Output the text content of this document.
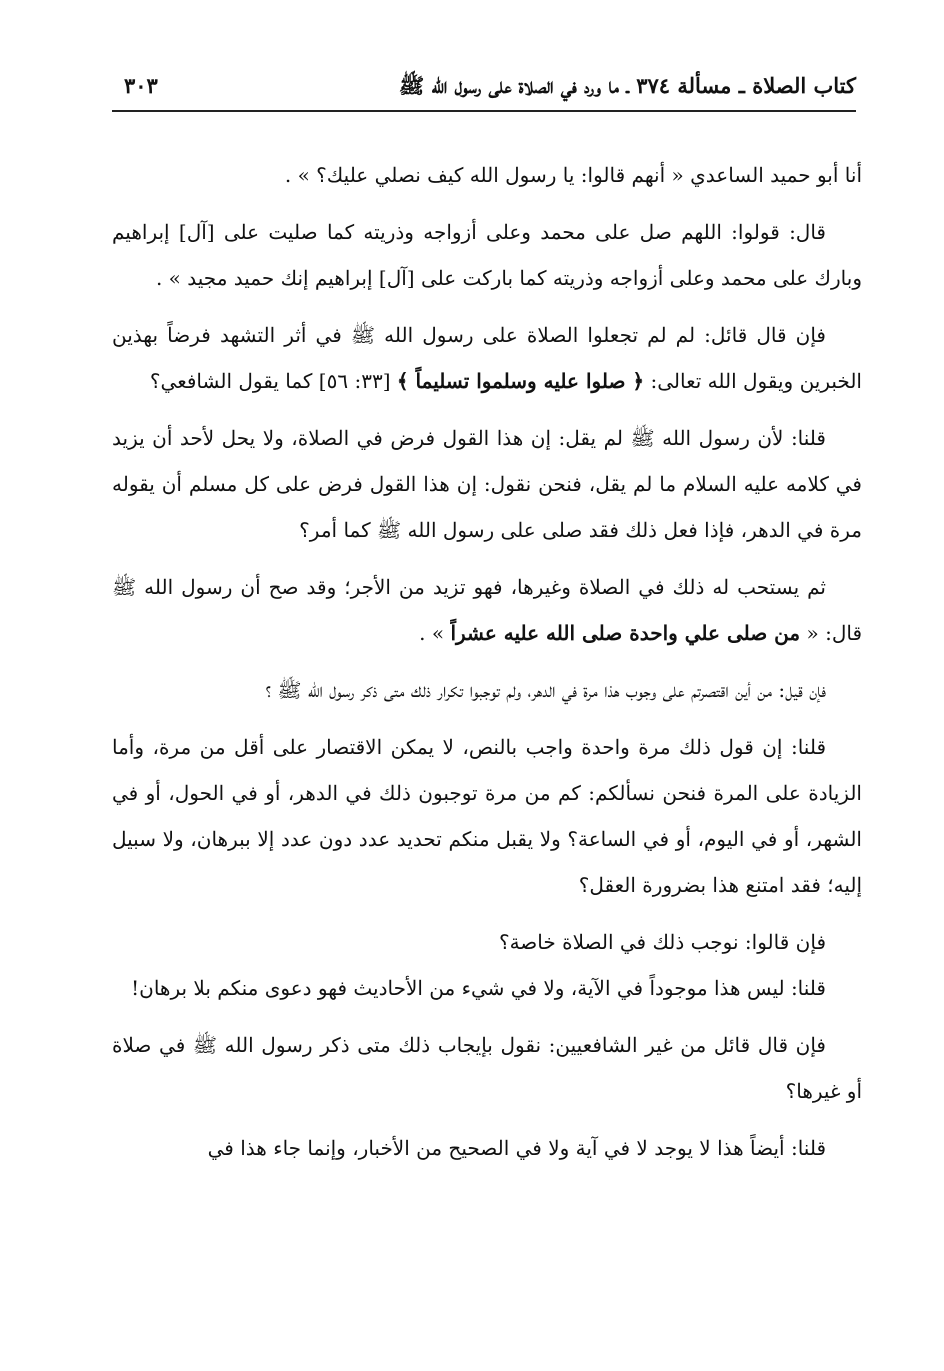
كتاب الصلاة ـ مسألة ٣٧٤ ـ ما ورد في الصلاة على رسول الله ﷺ
٣٠٣

أنا أبو حميد الساعدي « أنهم قالوا: يا رسول الله كيف نصلي عليك؟ » .

قال: قولوا: اللهم صل على محمد وعلى أزواجه وذريته كما صليت على [آل] إبراهيم وبارك على محمد وعلى أزواجه وذريته كما باركت على [آل] إبراهيم إنك حميد مجيد » .

فإن قال قائل: لم لم تجعلوا الصلاة على رسول الله ﷺ في أثر التشهد فرضاً بهذين الخبرين ويقول الله تعالى: ﴿ صلوا عليه وسلموا تسليماً ﴾ [٣٣: ٥٦] كما يقول الشافعي؟

قلنا: لأن رسول الله ﷺ لم يقل: إن هذا القول فرض في الصلاة، ولا يحل لأحد أن يزيد في كلامه عليه السلام ما لم يقل، فنحن نقول: إن هذا القول فرض على كل مسلم أن يقوله مرة في الدهر، فإذا فعل ذلك فقد صلى على رسول الله ﷺ كما أمر؟

ثم يستحب له ذلك في الصلاة وغيرها، فهو تزيد من الأجر؛ وقد صح أن رسول الله ﷺ قال: « من صلى علي واحدة صلى الله عليه عشراً » .

فإن قيل: من أين اقتصرتم على وجوب هذا مرة في الدهر، ولم توجبوا تكرار ذلك متى ذكر رسول الله ﷺ ؟

قلنا: إن قول ذلك مرة واحدة واجب بالنص، لا يمكن الاقتصار على أقل من مرة، وأما الزيادة على المرة فنحن نسألكم: كم من مرة توجبون ذلك في الدهر، أو في الحول، أو في الشهر، أو في اليوم، أو في الساعة؟ ولا يقبل منكم تحديد عدد دون عدد إلا ببرهان، ولا سبيل إليه؛ فقد امتنع هذا بضرورة العقل؟

فإن قالوا: نوجب ذلك في الصلاة خاصة؟

قلنا: ليس هذا موجوداً في الآية، ولا في شيء من الأحاديث فهو دعوى منكم بلا برهان!

فإن قال قائل من غير الشافعيين: نقول بإيجاب ذلك متى ذكر رسول الله ﷺ في صلاة أو غيرها؟

قلنا: أيضاً هذا لا يوجد لا في آية ولا في الصحيح من الأخبار، وإنما جاء هذا في
